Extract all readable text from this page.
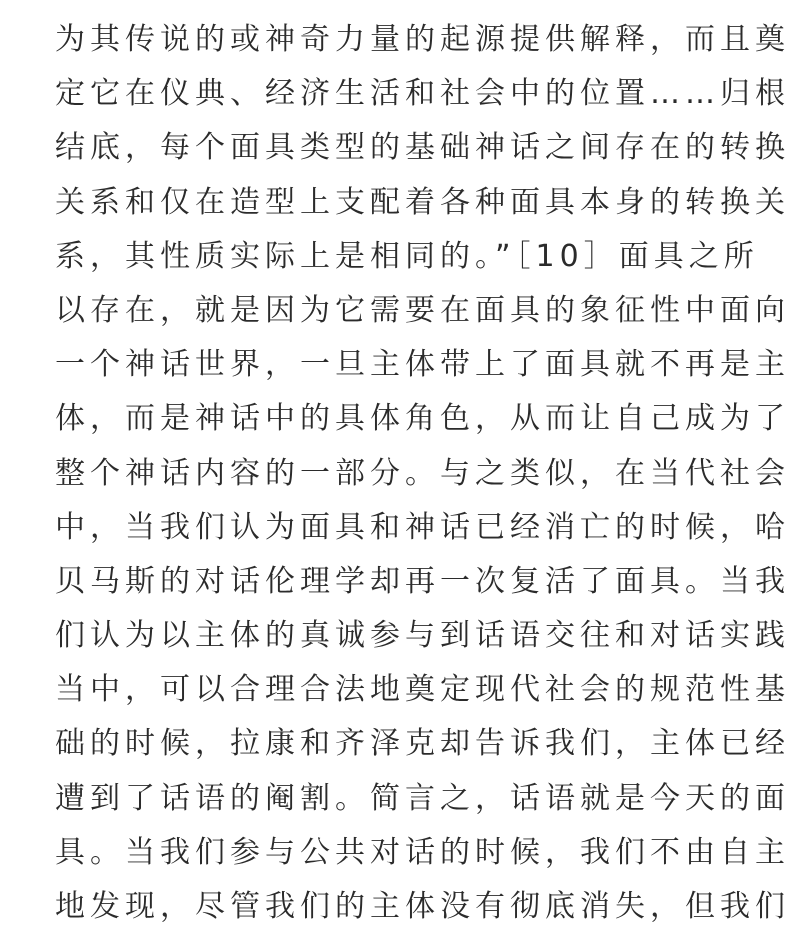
为其传说的或神奇力量的起源提供解释，而且奠
定它在仪典、经济生活和社会中的位置……归根
结底，每个面具类型的基础神话之间存在的转换
关系和仅在造型上支配着各种面具本身的转换关
系，其性质实际上是相同的。”［10］面具之所
以存在，就是因为它需要在面具的象征性中面向
一个神话世界，一旦主体带上了面具就不再是主
体，而是神话中的具体角色，从而让自己成为了
整个神话内容的一部分。与之类似，在当代社会
中，当我们认为面具和神话已经消亡的时候，哈
贝马斯的对话伦理学却再一次复活了面具。当我
们认为以主体的真诚参与到话语交往和对话实践
当中，可以合理合法地奠定现代社会的规范性基
础的时候，拉康和齐泽克却告诉我们，主体已经
遭到了话语的阉割。简言之，话语就是今天的面
具。当我们参与公共对话的时候，我们不由自主
地发现，尽管我们的主体没有彻底消失，但我们
